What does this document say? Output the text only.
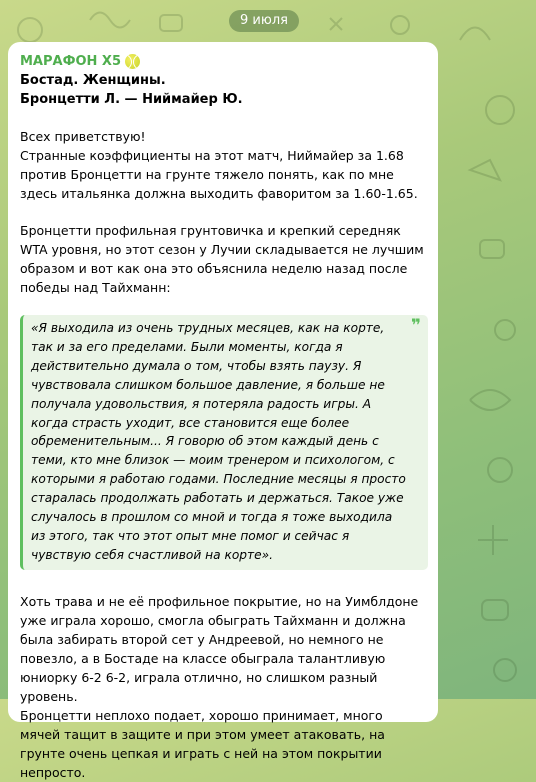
9 июля
МАРАФОН X5
Бостад. Женщины.
Бронцетти Л. — Ниймайер Ю.
Всех приветствую!
Странные коэффициенты на этот матч, Ниймайер за 1.68 против Бронцетти на грунте тяжело понять, как по мне здесь итальянка должна выходить фаворитом за 1.60-1.65.
Бронцетти профильная грунтовичка и крепкий середняк WTA уровня, но этот сезон у Лучии складывается не лучшим образом и вот как она это объяснила неделю назад после победы над Тайхманн:
❞
«Я выходила из очень трудных месяцев, как на корте, так и за его пределами. Были моменты, когда я действительно думала о том, чтобы взять паузу. Я чувствовала слишком большое давление, я больше не получала удовольствия, я потеряла радость игры. А когда страсть уходит, все становится еще более обременительным... Я говорю об этом каждый день с теми, кто мне близок — моим тренером и психологом, с которыми я работаю годами. Последние месяцы я просто старалась продолжать работать и держаться. Такое уже случалось в прошлом со мной и тогда я тоже выходила из этого, так что этот опыт мне помог и сейчас я чувствую себя счастливой на корте».
Хоть трава и не её профильное покрытие, но на Уимблдоне уже играла хорошо, смогла обыграть Тайхманн и должна была забирать второй сет у Андреевой, но немного не повезло, а в Бостаде на классе обыграла талантливую юниорку 6-2 6-2, играла отлично, но слишком разный уровень.
Бронцетти неплохо подает, хорошо принимает, много мячей тащит в защите и при этом умеет атаковать, на грунте очень цепкая и играть с ней на этом покрытии непросто.
